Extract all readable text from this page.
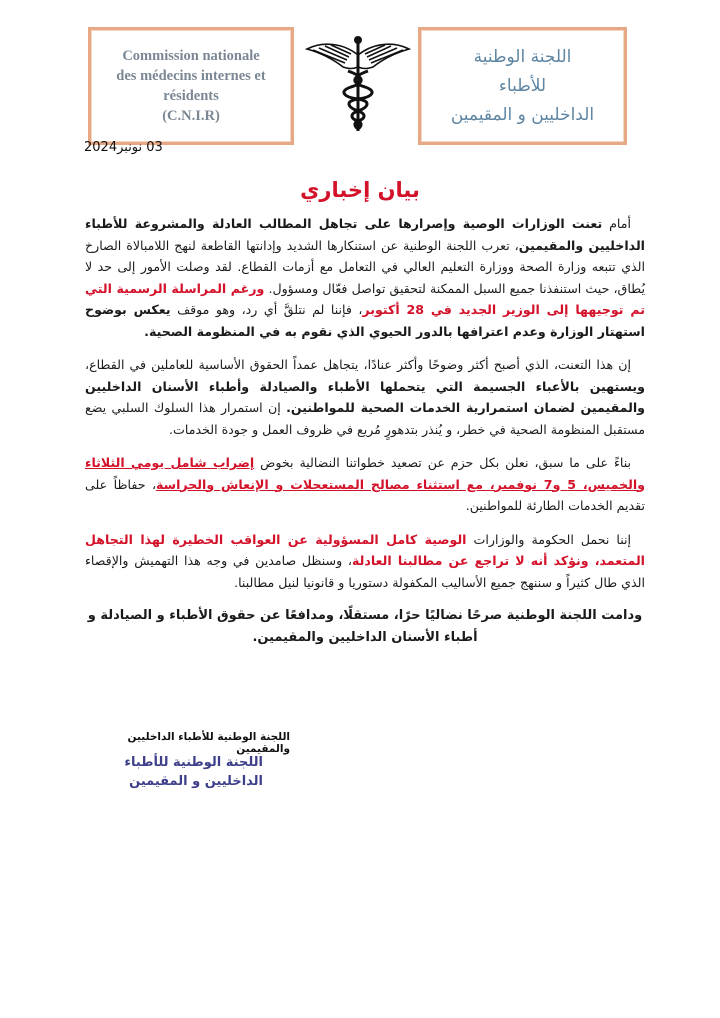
Commission nationale
des médecins internes et
résidents
(C.N.I.R)
اللجنة الوطنية
للأطباء
الداخليين و المقيمين
03 نونبر2024
بيان إخباري

أمام تعنت الوزارات الوصية وإصرارها على تجاهل المطالب العادلة والمشروعة للأطباء الداخليين والمقيمين، تعرب اللجنة الوطنية عن استنكارها الشديد وإدانتها القاطعة لنهج اللامبالاة الصارخ الذي تتبعه وزارة الصحة ووزارة التعليم العالي في التعامل مع أزمات القطاع. لقد وصلت الأمور إلى حد لا يُطاق، حيث استنفذنا جميع السبل الممكنة لتحقيق تواصل فعّال ومسؤول. ورغم المراسلة الرسمية التي تم توجيهها إلى الوزير الجديد في 28 أكتوبر، فإننا لم نتلقَّ أي رد، وهو موقف يعكس بوضوح استهتار الوزارة وعدم اعترافها بالدور الحيوي الذي نقوم به في المنظومة الصحية.

إن هذا التعنت، الذي أصبح أكثر وضوحًا وأكثر عنادًا، يتجاهل عمداً الحقوق الأساسية للعاملين في القطاع، ويستهين بالأعباء الجسيمة التي يتحملها الأطباء والصيادلة وأطباء الأسنان الداخليين والمقيمين لضمان استمرارية الخدمات الصحية للمواطنين. إن استمرار هذا السلوك السلبي يضع مستقبل المنظومة الصحية في خطر، و يُنذر بتدهورٍ مُريع في ظروف العمل و جودة الخدمات.

بناءً على ما سبق، نعلن بكل حزم عن تصعيد خطواتنا النضالية بخوض إضراب شامل يومي الثلاثاء والخميس، 5 و7 نوفمبر، مع استثناء مصالح المستعجلات و الإنعاش والحراسة، حفاظاً على تقديم الخدمات الطارئة للمواطنين.

إننا نحمل الحكومة والوزارات الوصية كامل المسؤولية عن العواقب الخطيرة لهذا التجاهل المتعمد، ونؤكد أنه لا تراجع عن مطالبنا العادلة، وسنظل صامدين في وجه هذا التهميش والإقصاء الذي طال كثيراً و سننهج جميع الأساليب المكفولة دستوريا و قانونيا لنيل مطالبنا.

ودامت اللجنة الوطنية صرحًا نضاليًا حرًا، مستقلًا، ومدافعًا عن حقوق الأطباء و الصيادلة و أطباء الأسنان الداخليين والمقيمين.

اللجنة الوطنية للأطباء الداخليين والمقيمين
اللجنة الوطنية للأطباء
الداخليين و المقيمين
